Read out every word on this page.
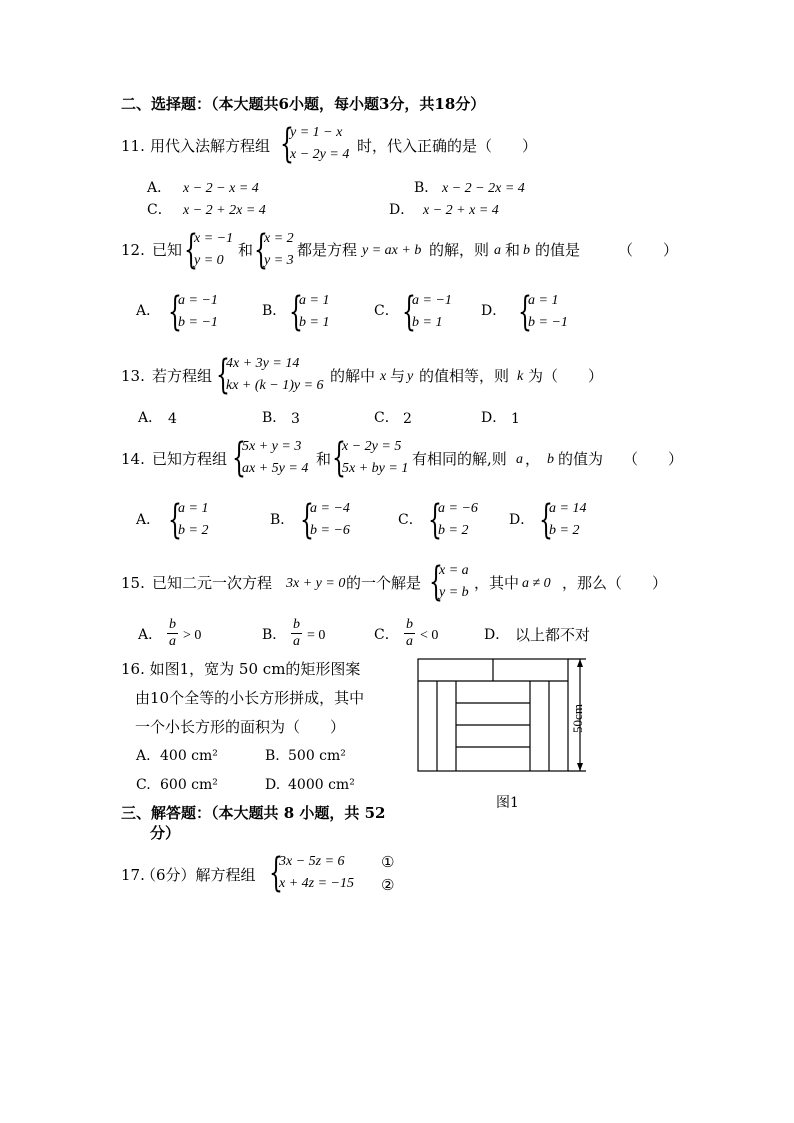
二、选择题：（本大题共6小题，每小题3分，共18分）
11. 用代入法解方程组 {
y = 1 − x
x − 2y = 4 时，代入正确的是（　　）
A． x − 2 − x = 4	B． x − 2 − 2x = 4
C． x − 2 + 2x = 4	D． x − 2 + x = 4
12. 已知 {
x = −1
y = 0
和 {
x = 2
y = 3
都是方程 y = ax + b 的解，则 a 和 b 的值是	（　　）
A． {
a = −1
b = −1
B． {
a = 1
b = 1
C． {
a = −1
b = 1
D． {
a = 1
b = −1
13. 若方程组 {
4x + 3y = 14
kx + (k − 1)y = 6
的解中 x 与 y 的值相等，则 k 为（　　）
A． 4	B． 3	C． 2	D． 1
14. 已知方程组 {
5x + y = 3
ax + 5y = 4
和 {
x − 2y = 5
5x + by = 1
有相同的解,则 a ， b 的值为 （　　）
A． {
a = 1
b = 2
B． {
a = −4
b = −6
C． {
a = −6
b = 2
D． {
a = 14
b = 2
15. 已知二元一次方程 3x + y = 0 的一个解是 {
x = a
y = b
，其中 a ≠ 0 ，那么（　　）
A． $\frac{b}{a} > 0$	B． $\frac{b}{a} = 0$	C． $\frac{b}{a} < 0$	D． 以上都不对
16. 如图1，宽为 50 cm的矩形图案
由10个全等的小长方形拼成，其中
一个小长方形的面积为（　　）
A. 400 cm²	B. 500 cm²
C. 600 cm²	D. 4000 cm²
50cm
图1
三、解答题：（本大题共 8 小题，共 52
分）
17.
（6分）解方程组 {
3x − 5z = 6
x + 4z = −15
①
②
